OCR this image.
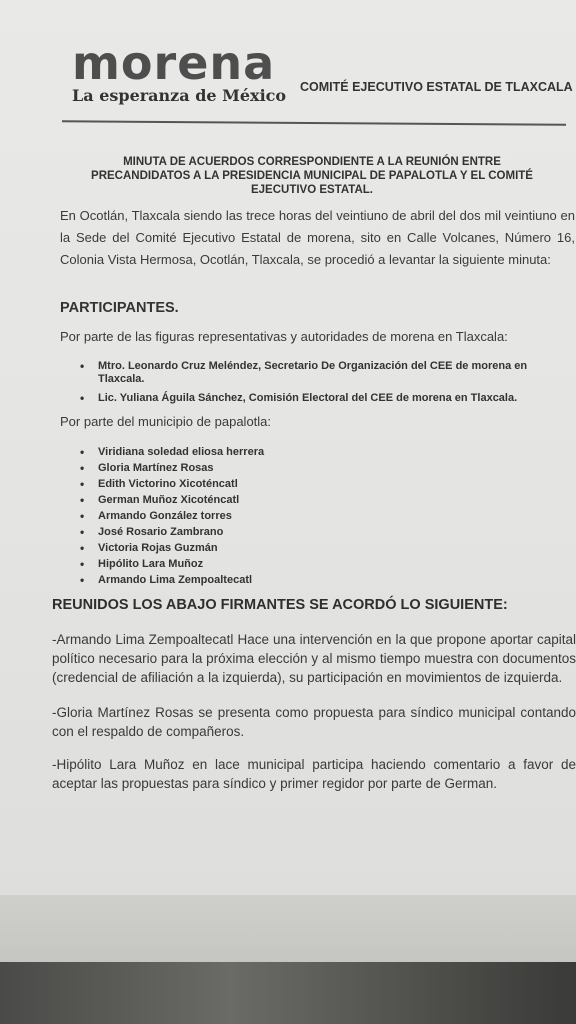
morena
La esperanza de México COMITÉ EJECUTIVO ESTATAL DE TLAXCALA
MINUTA DE ACUERDOS CORRESPONDIENTE A LA REUNIÓN ENTRE
PRECANDIDATOS A LA PRESIDENCIA MUNICIPAL DE PAPALOTLA Y EL COMITÉ
EJECUTIVO ESTATAL.
En Ocotlán, Tlaxcala siendo las trece horas del veintiuno de abril del dos mil veintiuno en la Sede del Comité Ejecutivo Estatal de morena, sito en Calle Volcanes, Número 16, Colonia Vista Hermosa, Ocotlán, Tlaxcala, se procedió a levantar la siguiente minuta:
PARTICIPANTES.
Por parte de las figuras representativas y autoridades de morena en Tlaxcala:
• Mtro. Leonardo Cruz Meléndez, Secretario De Organización del CEE de morena en Tlaxcala.
• Lic. Yuliana Águila Sánchez, Comisión Electoral del CEE de morena en Tlaxcala.
Por parte del municipio de papalotla:
• Viridiana soledad eliosa herrera
• Gloria Martínez Rosas
• Edith Victorino Xicoténcatl
• German Muñoz Xicoténcatl
• Armando González torres
• José Rosario Zambrano
• Victoria Rojas Guzmán
• Hipólito Lara Muñoz
• Armando Lima Zempoaltecatl
REUNIDOS LOS ABAJO FIRMANTES SE ACORDÓ LO SIGUIENTE:
-Armando Lima Zempoaltecatl Hace una intervención en la que propone aportar capital político necesario para la próxima elección y al mismo tiempo muestra con documentos (credencial de afiliación a la izquierda), su participación en movimientos de izquierda.
-Gloria Martínez Rosas se presenta como propuesta para síndico municipal contando con el respaldo de compañeros.
-Hipólito Lara Muñoz en lace municipal participa haciendo comentario a favor de aceptar las propuestas para síndico y primer regidor por parte de German.
